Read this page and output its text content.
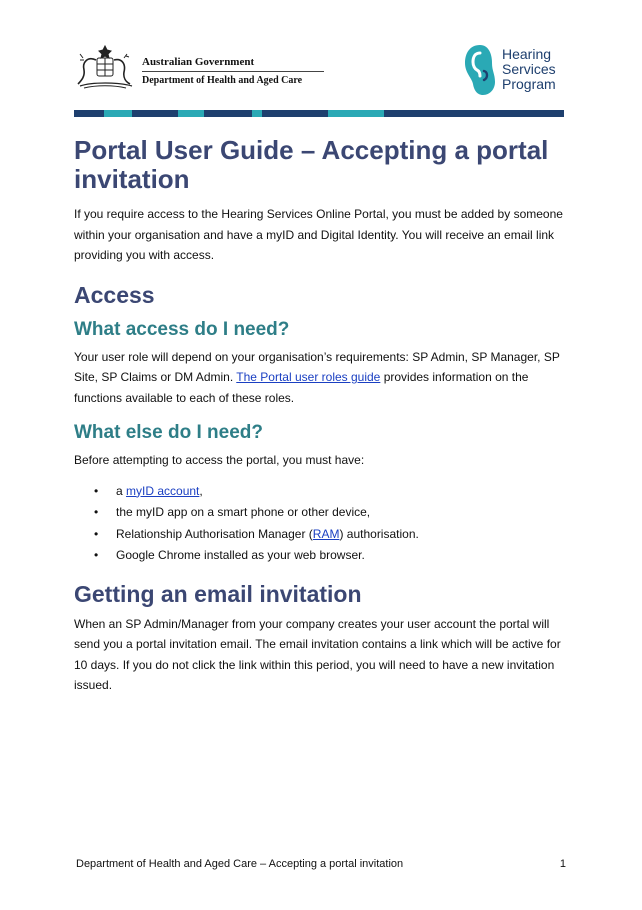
Australian Government
Department of Health and Aged Care
Hearing
Services
Program
Portal User Guide – Accepting a portal invitation

If you require access to the Hearing Services Online Portal, you must be added by someone within your organisation and have a myID and Digital Identity. You will receive an email link providing you with access.

Access
What access do I need?

Your user role will depend on your organisation’s requirements: SP Admin, SP Manager, SP Site, SP Claims or DM Admin. The Portal user roles guide provides information on the functions available to each of these roles.

What else do I need?

Before attempting to access the portal, you must have:

• a myID account,
• the myID app on a smart phone or other device,
• Relationship Authorisation Manager (RAM) authorisation.
• Google Chrome installed as your web browser.
Getting an email invitation

When an SP Admin/Manager from your company creates your user account the portal will send you a portal invitation email. The email invitation contains a link which will be active for 10 days. If you do not click the link within this period, you will need to have a new invitation issued.

Department of Health and Aged Care – Accepting a portal invitation	1
